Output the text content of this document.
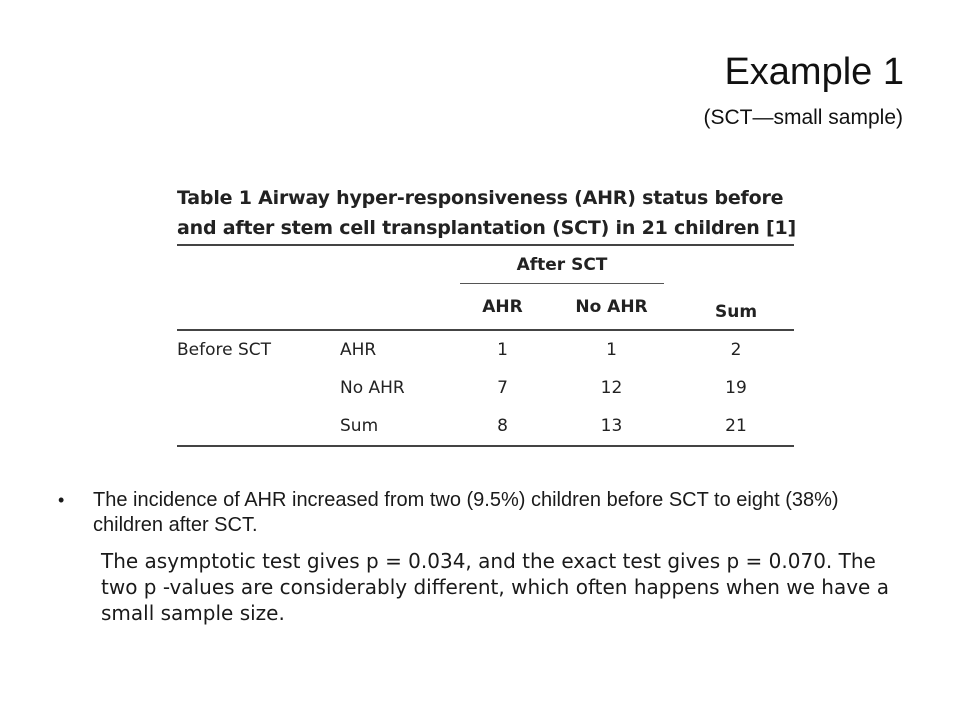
Example 1
(SCT—small sample)
Table 1 Airway hyper-responsiveness (AHR) status before
and after stem cell transplantation (SCT) in 21 children [1]

		After SCT		

		AHR	No AHR	Sum
Before SCT	AHR	1	1	2
	No AHR	7	12	19
	Sum	8	13	21
•	The incidence of AHR increased from two (9.5%) children before SCT to eight (38%) children after SCT.
The asymptotic test gives p = 0.034, and the exact test gives p = 0.070. The two p -values are considerably different, which often happens when we have a small sample size.
